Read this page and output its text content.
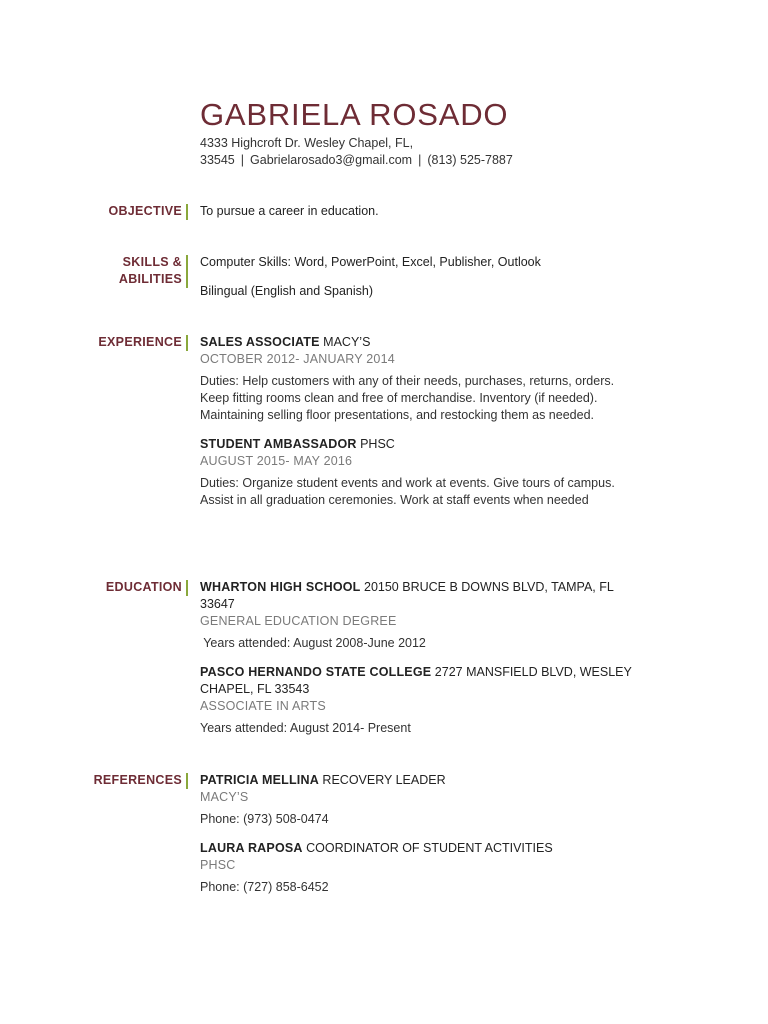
GABRIELA ROSADO
4333 Highcroft Dr. Wesley Chapel, FL,
33545 | Gabrielarosado3@gmail.com | (813) 525-7887
OBJECTIVE To pursue a career in education.
SKILLS &
ABILITIES
Computer Skills: Word, PowerPoint, Excel, Publisher, Outlook
Bilingual (English and Spanish)
EXPERIENCE SALES ASSOCIATE MACY’S
OCTOBER 2012- JANUARY 2014
Duties: Help customers with any of their needs, purchases, returns, orders. Keep fitting rooms clean and free of merchandise. Inventory (if needed). Maintaining selling floor presentations, and restocking them as needed.
STUDENT AMBASSADOR PHSC
AUGUST 2015- MAY 2016
Duties: Organize student events and work at events. Give tours of campus. Assist in all graduation ceremonies. Work at staff events when needed
EDUCATION WHARTON HIGH SCHOOL 20150 BRUCE B DOWNS BLVD, TAMPA, FL 33647
GENERAL EDUCATION DEGREE
Years attended: August 2008-June 2012
PASCO HERNANDO STATE COLLEGE 2727 MANSFIELD BLVD, WESLEY CHAPEL, FL 33543
ASSOCIATE IN ARTS
Years attended: August 2014- Present
REFERENCES PATRICIA MELLINA RECOVERY LEADER
MACY’S
Phone: (973) 508-0474
LAURA RAPOSA COORDINATOR OF STUDENT ACTIVITIES
PHSC
Phone: (727) 858-6452
